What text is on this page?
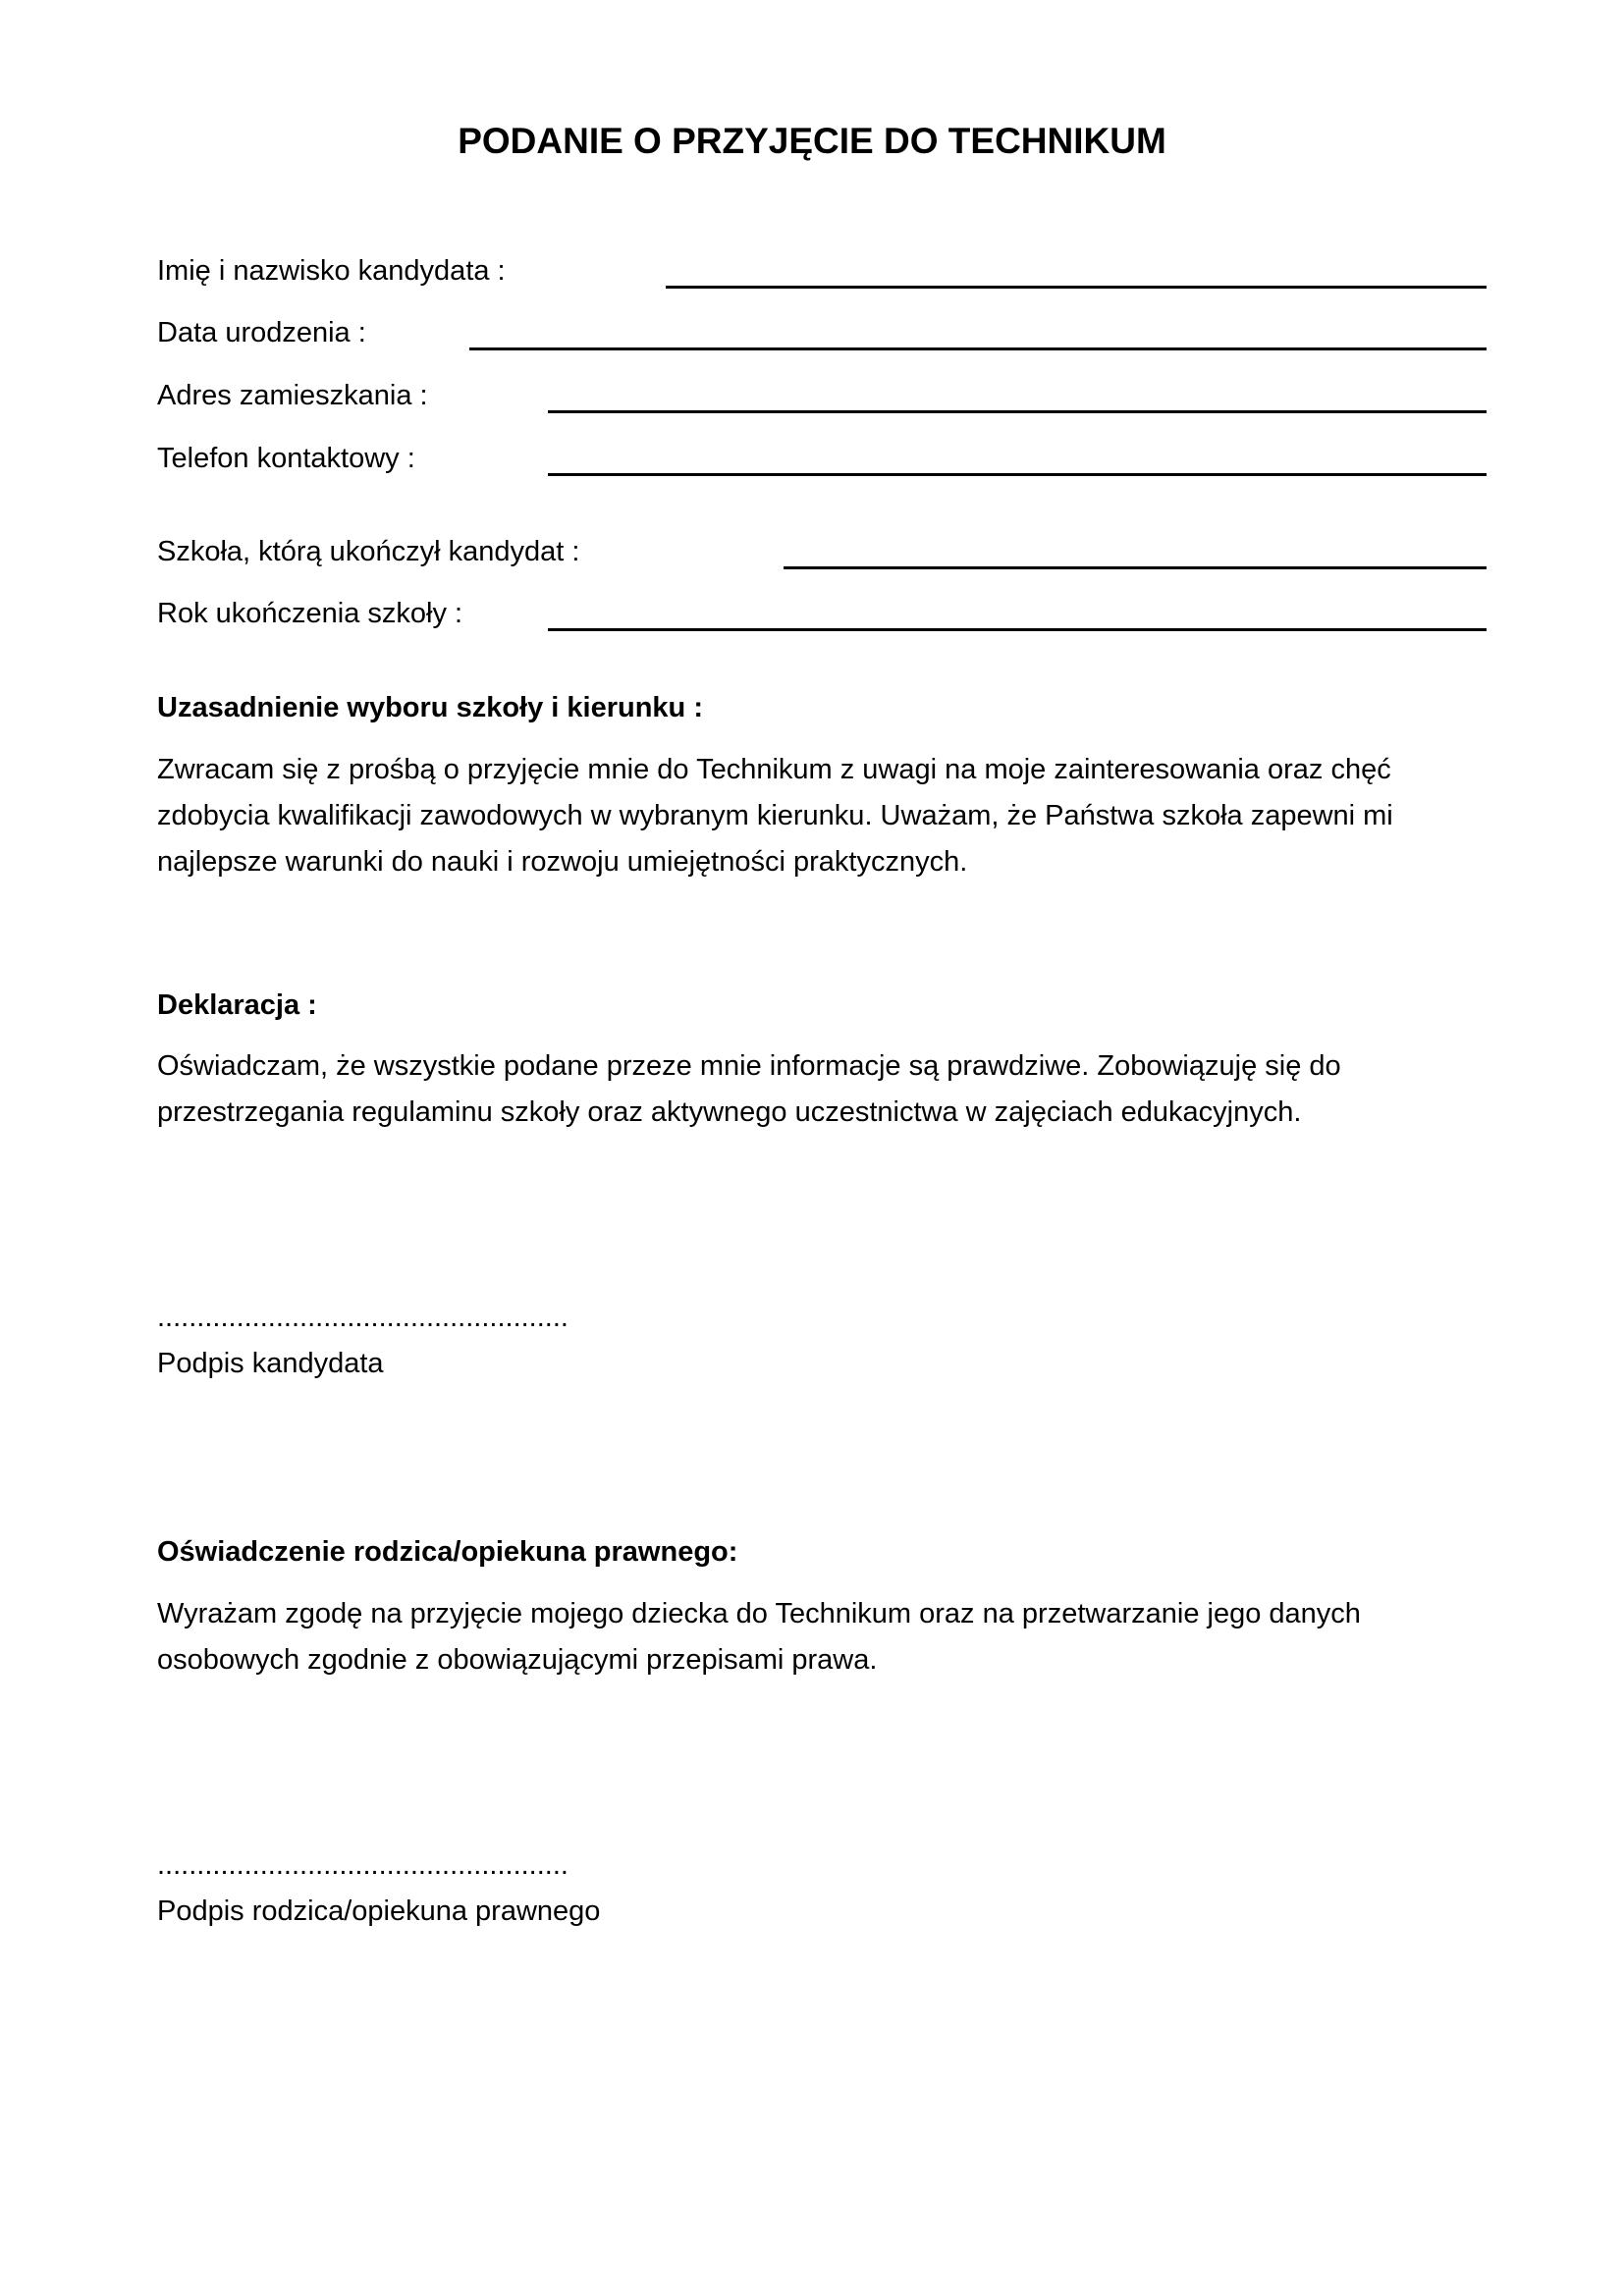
PODANIE O PRZYJĘCIE DO TECHNIKUM
Imię i nazwisko kandydata :
Data urodzenia :
Adres zamieszkania :
Telefon kontaktowy :
Szkoła, którą ukończył kandydat :
Rok ukończenia szkoły :
Uzasadnienie wyboru szkoły i kierunku :
Zwracam się z prośbą o przyjęcie mnie do Technikum z uwagi na moje zainteresowania oraz chęć
zdobycia kwalifikacji zawodowych w wybranym kierunku. Uważam, że Państwa szkoła zapewni mi
najlepsze warunki do nauki i rozwoju umiejętności praktycznych.
Deklaracja :
Oświadczam, że wszystkie podane przeze mnie informacje są prawdziwe. Zobowiązuję się do
przestrzegania regulaminu szkoły oraz aktywnego uczestnictwa w zajęciach edukacyjnych.
....................................................
Podpis kandydata
Oświadczenie rodzica/opiekuna prawnego:
Wyrażam zgodę na przyjęcie mojego dziecka do Technikum oraz na przetwarzanie jego danych
osobowych zgodnie z obowiązującymi przepisami prawa.
....................................................
Podpis rodzica/opiekuna prawnego
